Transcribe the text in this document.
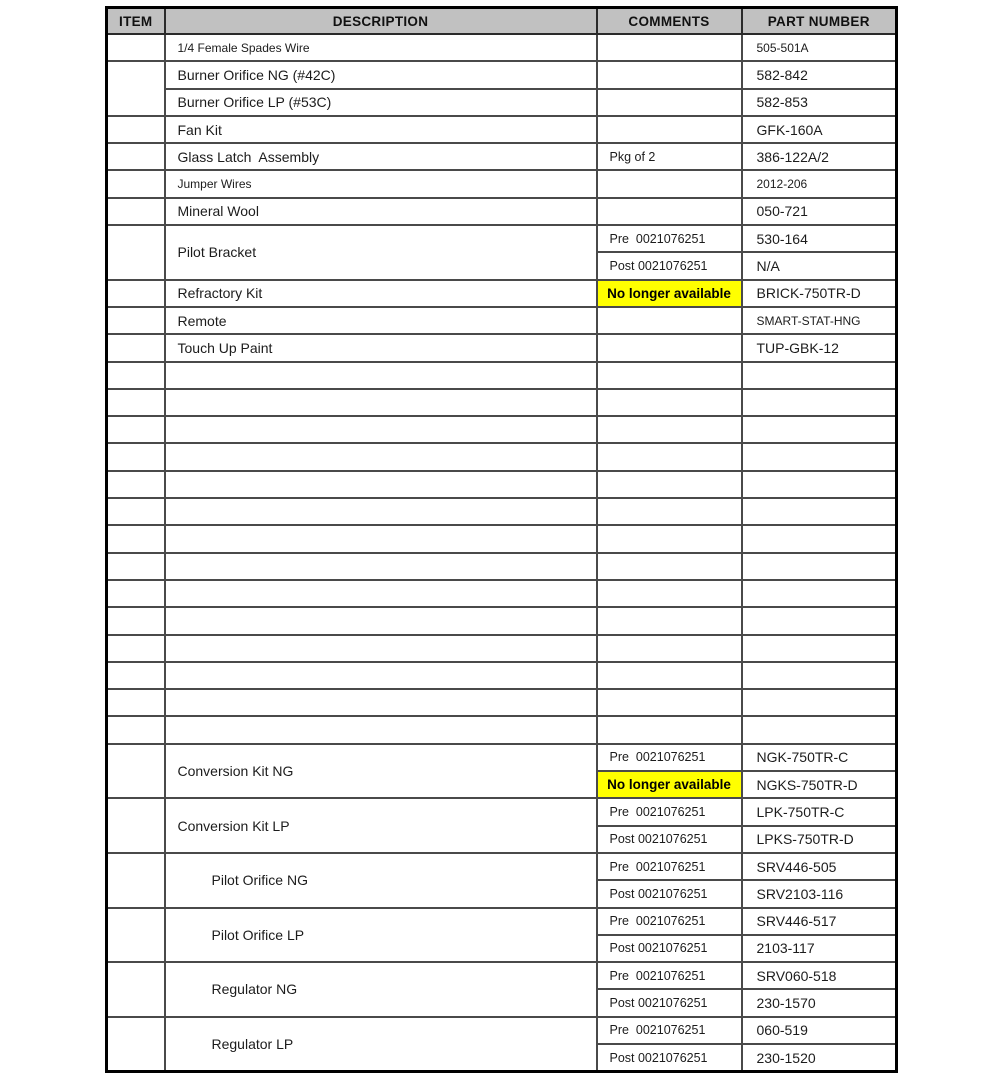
ITEM	DESCRIPTION	COMMENTS	PART NUMBER
	1/4 Female Spades Wire		505-501A
	Burner Orifice NG (#42C)		582-842
	Burner Orifice LP (#53C)		582-853
	Fan Kit		GFK-160A
	Glass Latch  Assembly	Pkg of 2	386-122A/2
	Jumper Wires		2012-206
	Mineral Wool		050-721
	Pilot Bracket	Pre  0021076251	530-164
		Post 0021076251	N/A
	Refractory Kit	No longer available	BRICK-750TR-D
	Remote		SMART-STAT-HNG
	Touch Up Paint		TUP-GBK-12

	Conversion Kit NG	Pre  0021076251	NGK-750TR-C
		No longer available	NGKS-750TR-D
	Conversion Kit LP	Pre  0021076251	LPK-750TR-C
		Post 0021076251	LPKS-750TR-D
	Pilot Orifice NG	Pre  0021076251	SRV446-505
		Post 0021076251	SRV2103-116
	Pilot Orifice LP	Pre  0021076251	SRV446-517
		Post 0021076251	2103-117
	Regulator NG	Pre  0021076251	SRV060-518
		Post 0021076251	230-1570
	Regulator LP	Pre  0021076251	060-519
		Post 0021076251	230-1520
